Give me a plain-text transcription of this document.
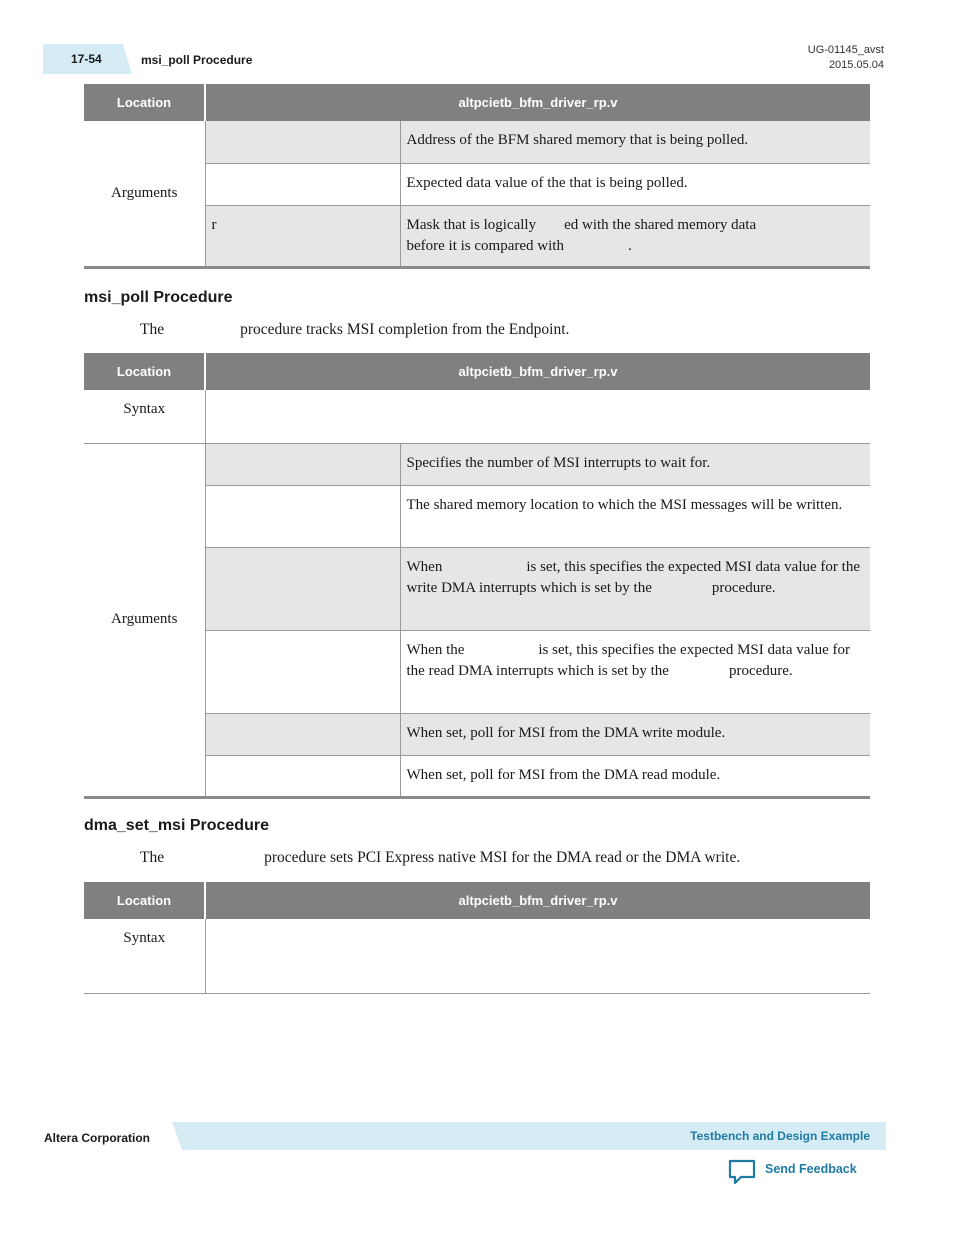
17-54	msi_poll Procedure
UG-01145_avst
2015.05.04
Location	altpcietb_bfm_driver_rp.v	
Arguments		Address of the BFM shared memory that is being polled.
		Expected data value of the that is being polled.
	r	Mask that is logically ed with the shared memory data
before it is compared with .
msi_poll Procedure
The	procedure tracks MSI completion from the Endpoint.
Location	altpcietb_bfm_driver_rp.v	
Syntax		
Arguments		Specifies the number of MSI interrupts to wait for.
		The shared memory location to which the MSI messages will be written.
		When is set, this specifies the expected MSI data value for the write DMA interrupts which is set by the procedure.
		When the is set, this specifies the expected MSI data value for the read DMA interrupts which is set by the procedure.
		When set, poll for MSI from the DMA write module.
		When set, poll for MSI from the DMA read module.
dma_set_msi Procedure
The	procedure sets PCI Express native MSI for the DMA read or the DMA write.
Location	altpcietb_bfm_driver_rp.v
Syntax	
Altera Corporation	Testbench and Design Example
Send Feedback
